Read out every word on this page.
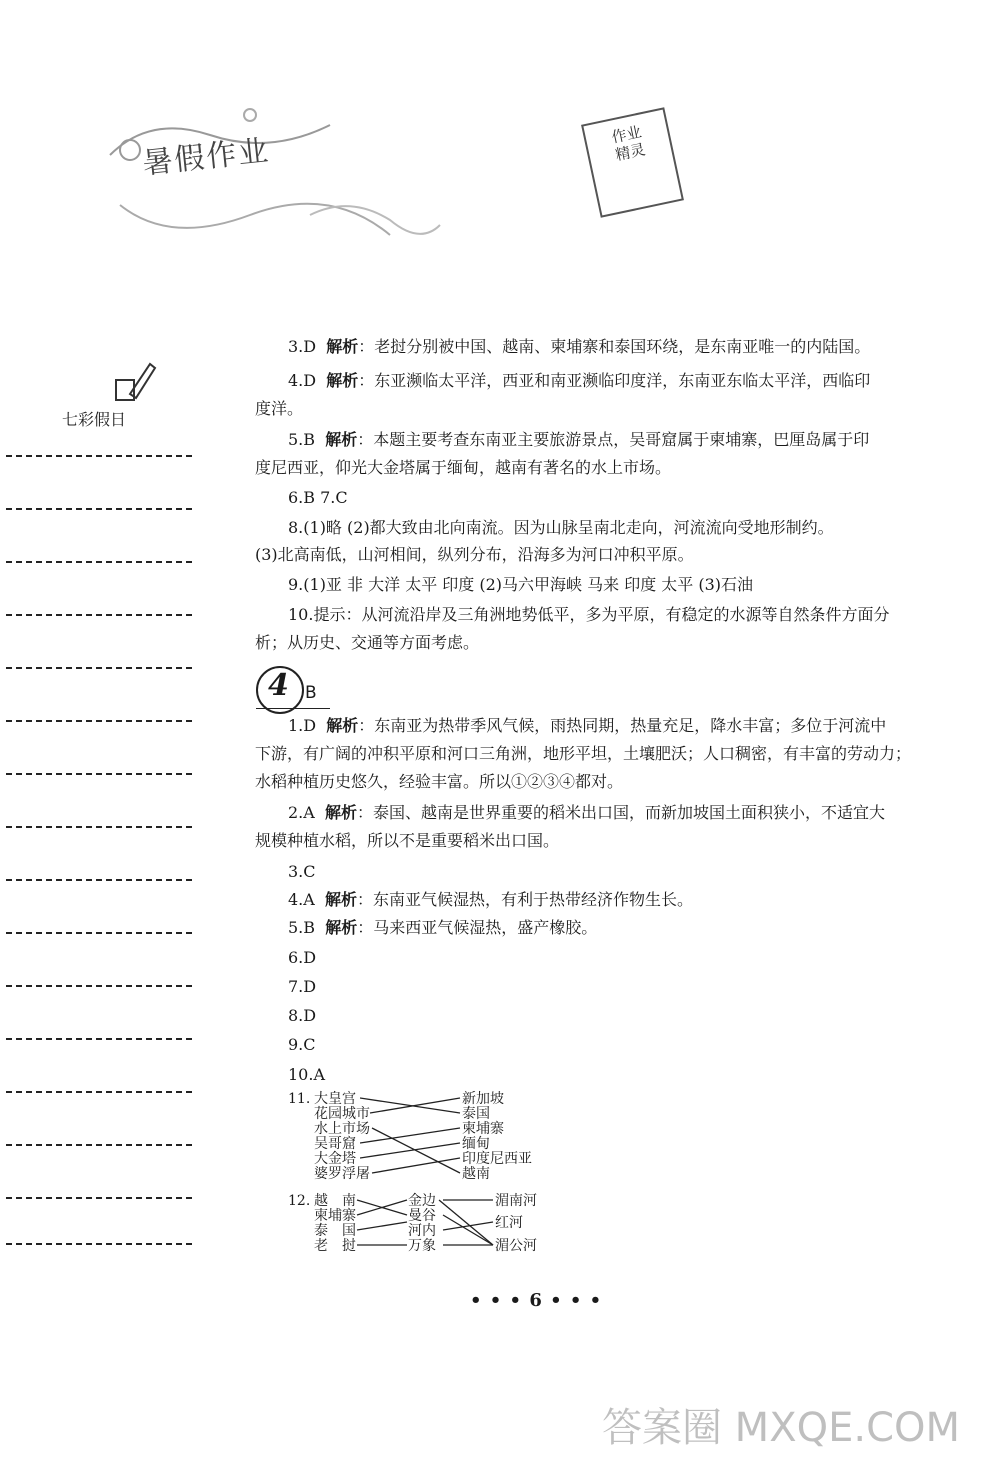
暑假作业	作业
精灵
七彩假日
3.D 解析：老挝分别被中国、越南、柬埔寨和泰国环绕，是东南亚唯一的内陆国。
4.D 解析：东亚濒临太平洋，西亚和南亚濒临印度洋，东南亚东临太平洋，西临印
度洋。
5.B 解析：本题主要考查东南亚主要旅游景点，吴哥窟属于柬埔寨，巴厘岛属于印
度尼西亚，仰光大金塔属于缅甸，越南有著名的水上市场。
6.B 7.C
8.(1)略 (2)都大致由北向南流。因为山脉呈南北走向，河流流向受地形制约。
(3)北高南低，山河相间，纵列分布，沿海多为河口冲积平原。
9.(1)亚 非 大洋 太平 印度 (2)马六甲海峡 马来 印度 太平 (3)石油
10.提示：从河流沿岸及三角洲地势低平，多为平原，有稳定的水源等自然条件方面分
析；从历史、交通等方面考虑。
4 B
1.D 解析：东南亚为热带季风气候，雨热同期，热量充足，降水丰富；多位于河流中
下游，有广阔的冲积平原和河口三角洲，地形平坦，土壤肥沃；人口稠密，有丰富的劳动力；
水稻种植历史悠久，经验丰富。所以①②③④都对。
2.A 解析：泰国、越南是世界重要的稻米出口国，而新加坡国土面积狭小，不适宜大
规模种植水稻，所以不是重要稻米出口国。
3.C
4.A 解析：东南亚气候湿热，有利于热带经济作物生长。
5.B 解析：马来西亚气候湿热，盛产橡胶。
6.D
7.D
8.D
9.C
10.A
11. 大皇宫
花园城市
水上市场
吴哥窟
大金塔
婆罗浮屠
新加坡
泰国
柬埔寨
缅甸
印度尼西亚
越南
12. 越　南
柬埔寨
泰　国
老　挝
金边
曼谷
河内
万象
湄南河
红河
湄公河
• • • 6 • • •
答案圈 MXQE.COM
